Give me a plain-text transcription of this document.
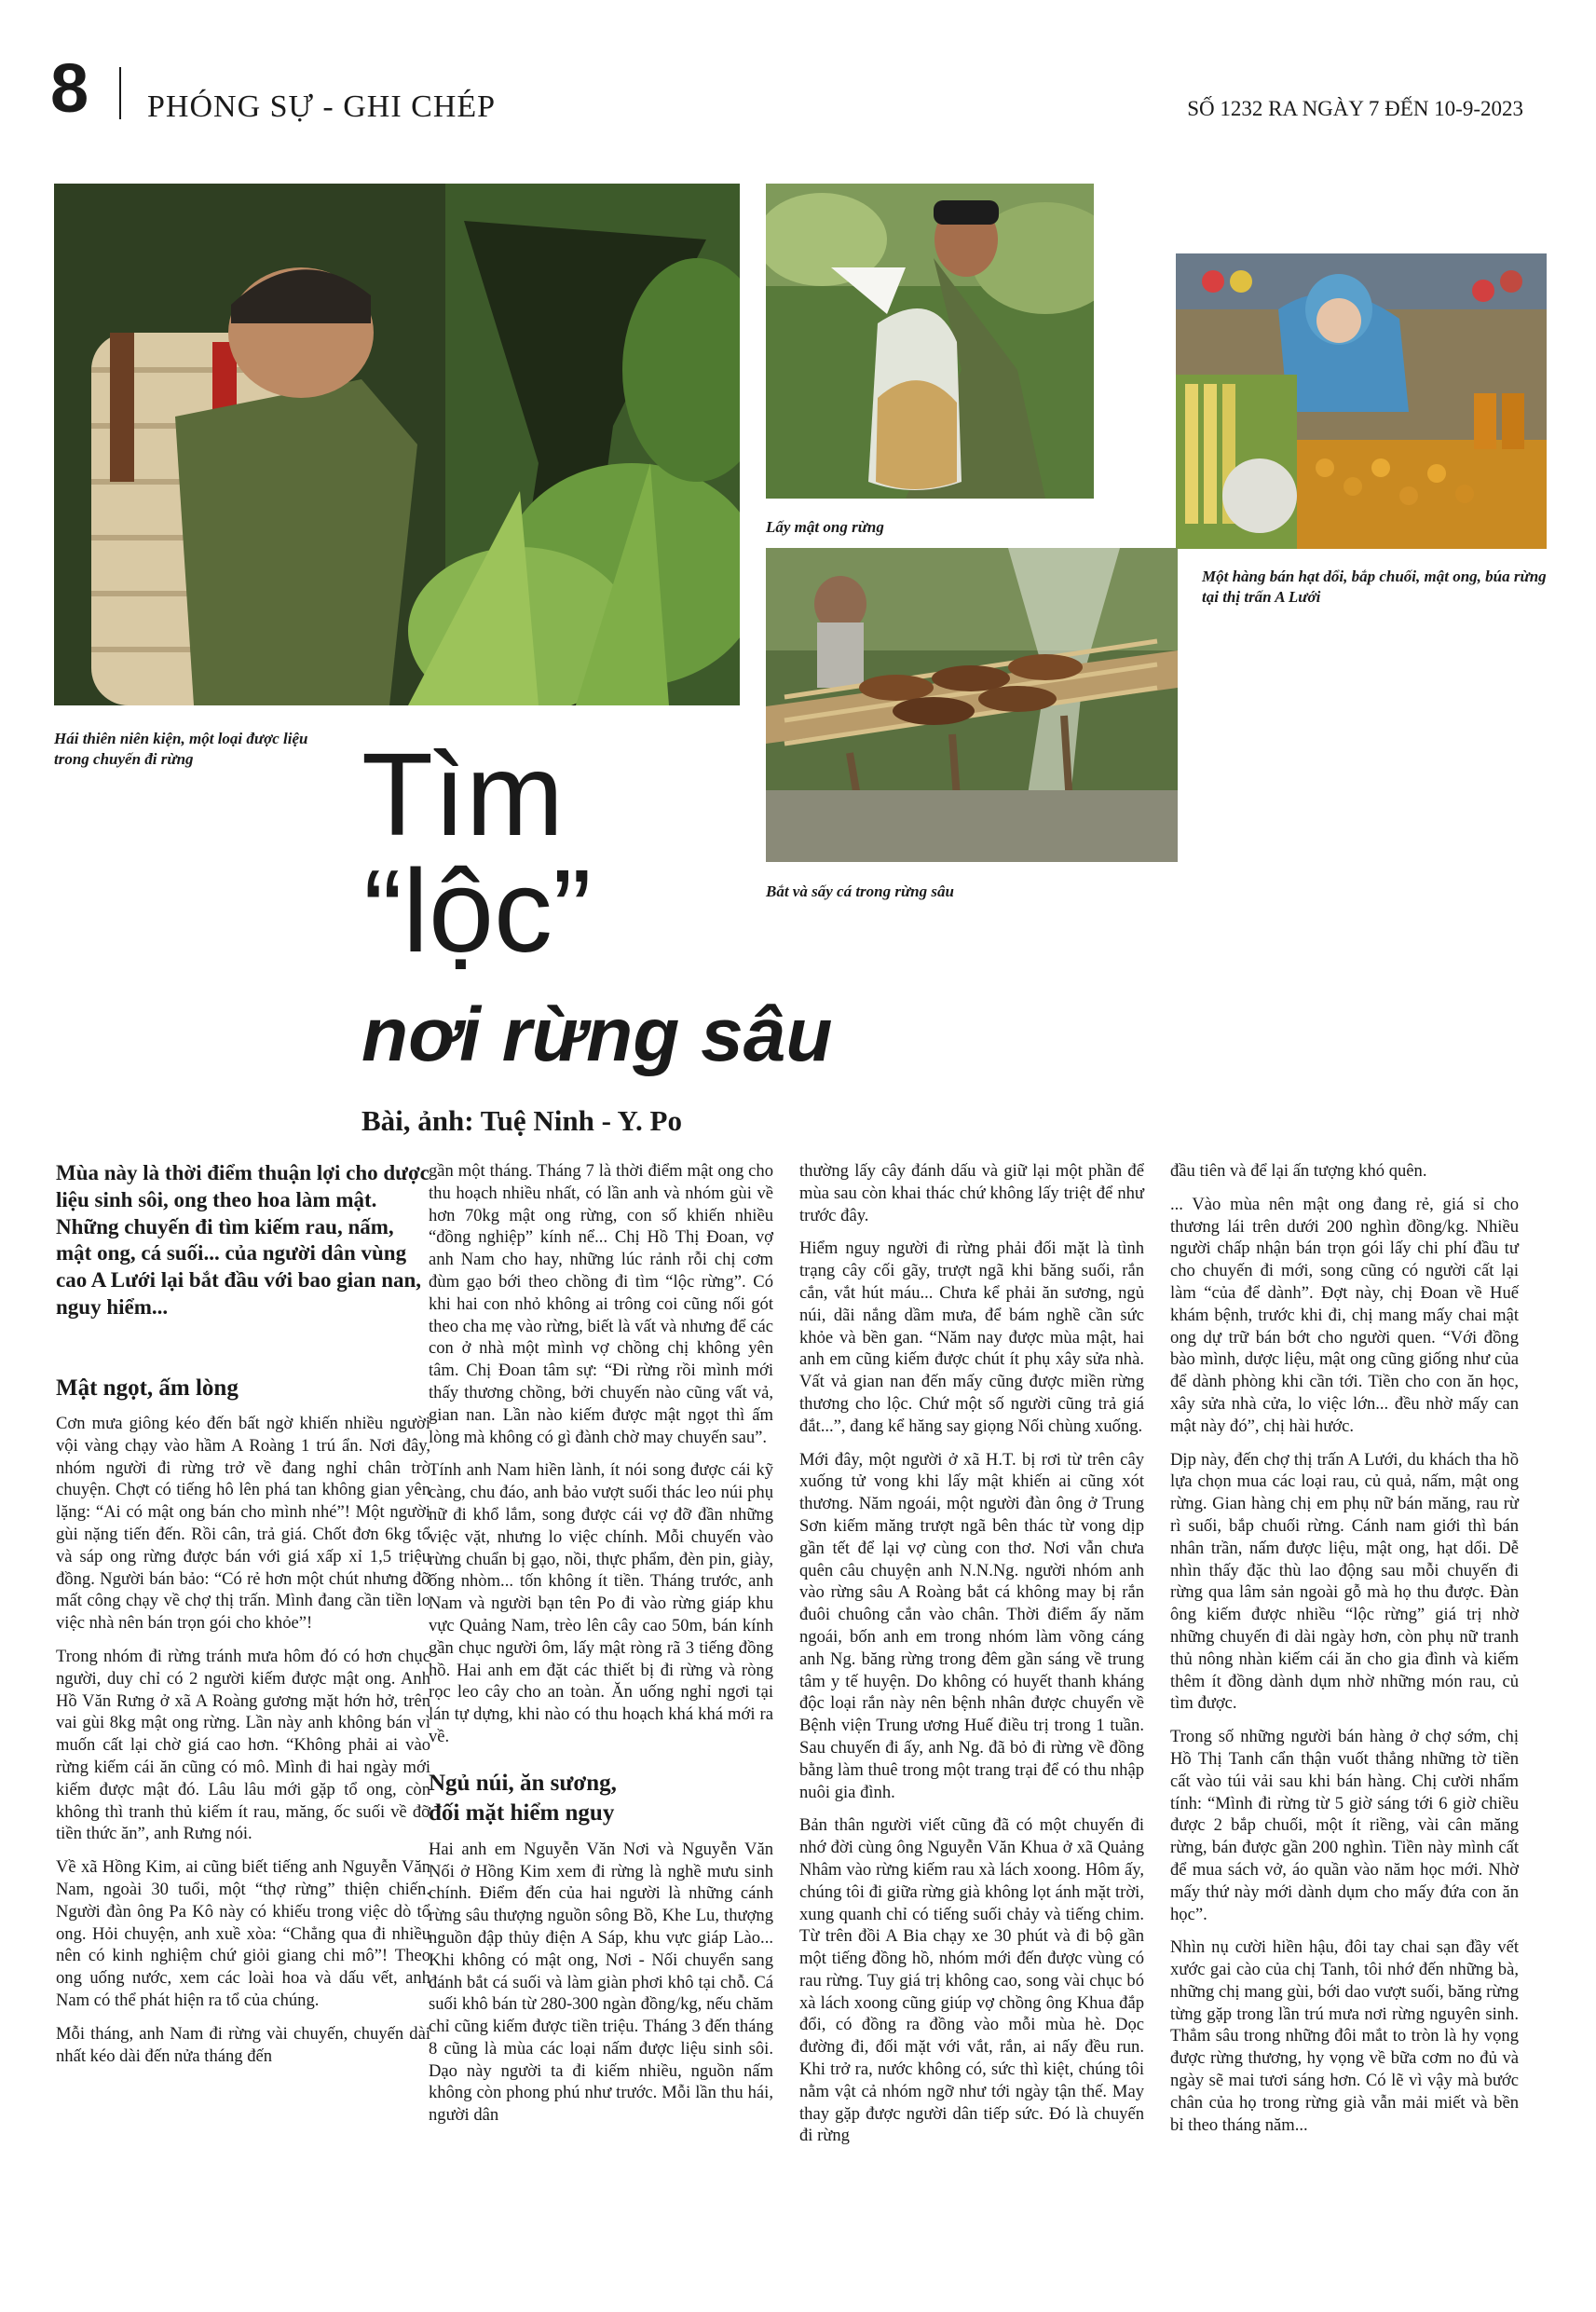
8 PHÓNG SỰ - GHI CHÉP	SỐ 1232 RA NGÀY 7 ĐẾN 10-9-2023
Hái thiên niên kiện, một loại được liệu trong chuyến đi rừng
Lấy mật ong rừng
Một hàng bán hạt dổi, bắp chuối, mật ong, búa rừng tại thị trấn A Lưới
Bắt và sấy cá trong rừng sâu
Tìm
“lộc”
nơi rừng sâu
Bài, ảnh: Tuệ Ninh - Y. Po

Mùa này là thời điểm thuận lợi cho dược liệu sinh sôi, ong theo hoa làm mật. Những chuyến đi tìm kiếm rau, nấm, mật ong, cá suối... của người dân vùng cao A Lưới lại bắt đầu với bao gian nan, nguy hiểm...

Mật ngọt, ấm lòng

Cơn mưa giông kéo đến bất ngờ khiến nhiều người vội vàng chạy vào hầm A Roàng 1 trú ẩn. Nơi đây, nhóm người đi rừng trở về đang nghỉ chân trò chuyện. Chợt có tiếng hô lên phá tan không gian yên lặng: “Ai có mật ong bán cho mình nhé”! Một người gùi nặng tiến đến. Rồi cân, trả giá. Chốt đơn 6kg tổ và sáp ong rừng được bán với giá xấp xỉ 1,5 triệu đồng. Người bán bảo: “Có rẻ hơn một chút nhưng đỡ mất công chạy về chợ thị trấn. Mình đang cần tiền lo việc nhà nên bán trọn gói cho khỏe”!

Trong nhóm đi rừng tránh mưa hôm đó có hơn chục người, duy chỉ có 2 người kiếm được mật ong. Anh Hồ Văn Rưng ở xã A Roàng gương mặt hớn hở, trên vai gùi 8kg mật ong rừng. Lần này anh không bán vì muốn cất lại chờ giá cao hơn. “Không phải ai vào rừng kiếm cái ăn cũng có mô. Mình đi hai ngày mới kiếm được mật đó. Lâu lâu mới gặp tổ ong, còn không thì tranh thủ kiếm ít rau, măng, ốc suối về đỡ tiền thức ăn”, anh Rưng nói.

Về xã Hồng Kim, ai cũng biết tiếng anh Nguyễn Văn Nam, ngoài 30 tuổi, một “thợ rừng” thiện chiến. Người đàn ông Pa Kô này có khiếu trong việc dò tổ ong. Hỏi chuyện, anh xuề xòa: “Chẳng qua đi nhiều nên có kinh nghiệm chứ giỏi giang chi mô”! Theo ong uống nước, xem các loài hoa và dấu vết, anh Nam có thể phát hiện ra tổ của chúng.

Mỗi tháng, anh Nam đi rừng vài chuyến, chuyến dài nhất kéo dài đến nửa tháng đến

gần một tháng. Tháng 7 là thời điểm mật ong cho thu hoạch nhiều nhất, có lần anh và nhóm gùi về hơn 70kg mật ong rừng, con số khiến nhiều “đồng nghiệp” kính nể... Chị Hồ Thị Đoan, vợ anh Nam cho hay, những lúc rảnh rỗi chị cơm đùm gạo bới theo chồng đi tìm “lộc rừng”. Có khi hai con nhỏ không ai trông coi cũng nối gót theo cha mẹ vào rừng, biết là vất và nhưng để các con ở nhà một mình vợ chồng chị không yên tâm. Chị Đoan tâm sự: “Đi rừng rồi mình mới thấy thương chồng, bởi chuyến nào cũng vất vả, gian nan. Lần nào kiếm được mật ngọt thì ấm lòng mà không có gì đành chờ may chuyến sau”.

Tính anh Nam hiền lành, ít nói song được cái kỹ càng, chu đáo, anh bảo vượt suối thác leo núi phụ nữ đi khổ lắm, song được cái vợ đỡ đần những việc vặt, nhưng lo việc chính. Mỗi chuyến vào rừng chuẩn bị gạo, nồi, thực phẩm, đèn pin, giày, ống nhòm... tốn không ít tiền. Tháng trước, anh Nam và người bạn tên Po đi vào rừng giáp khu vực Quảng Nam, trèo lên cây cao 50m, bán kính gần chục người ôm, lấy mật ròng rã 3 tiếng đồng hồ. Hai anh em đặt các thiết bị đi rừng và ròng rọc leo cây cho an toàn. Ăn uống nghỉ ngơi tại lán tự dựng, khi nào có thu hoạch khá khá mới ra về.

Ngủ núi, ăn sương,
đối mặt hiểm nguy

Hai anh em Nguyễn Văn Nơi và Nguyễn Văn Nối ở Hồng Kim xem đi rừng là nghề mưu sinh chính. Điểm đến của hai người là những cánh rừng sâu thượng nguồn sông Bồ, Khe Lu, thượng nguồn đập thủy điện A Sáp, khu vực giáp Lào... Khi không có mật ong, Nơi - Nối chuyển sang đánh bắt cá suối và làm giàn phơi khô tại chỗ. Cá suối khô bán từ 280-300 ngàn đồng/kg, nếu chăm chỉ cũng kiếm được tiền triệu. Tháng 3 đến tháng 8 cũng là mùa các loại nấm được liệu sinh sôi. Dạo này người ta đi kiếm nhiều, nguồn nấm không còn phong phú như trước. Mỗi lần thu hái, người dân

thường lấy cây đánh dấu và giữ lại một phần để mùa sau còn khai thác chứ không lấy triệt để như trước đây.

Hiểm nguy người đi rừng phải đối mặt là tình trạng cây cối gãy, trượt ngã khi băng suối, rắn cắn, vắt hút máu... Chưa kể phải ăn sương, ngủ núi, dãi nắng dầm mưa, để bám nghề cần sức khỏe và bền gan. “Năm nay được mùa mật, hai anh em cũng kiếm được chút ít phụ xây sửa nhà. Vất vả gian nan đến mấy cũng được miền rừng thương cho lộc. Chứ một số người cũng trả giá đắt...”, đang kể hăng say giọng Nối chùng xuống.

Mới đây, một người ở xã H.T. bị rơi từ trên cây xuống tử vong khi lấy mật khiến ai cũng xót thương. Năm ngoái, một người đàn ông ở Trung Sơn kiếm măng trượt ngã bên thác từ vong dịp gần tết để lại vợ cùng con thơ. Nơi vẫn chưa quên câu chuyện anh N.N.Ng. người nhóm anh vào rừng sâu A Roàng bắt cá không may bị rắn đuôi chuông cắn vào chân. Thời điểm ấy năm ngoái, bốn anh em trong nhóm làm võng cáng anh Ng. băng rừng trong đêm gần sáng về trung tâm y tế huyện. Do không có huyết thanh kháng độc loại rắn này nên bệnh nhân được chuyển về Bệnh viện Trung ương Huế điều trị trong 1 tuần. Sau chuyến đi ấy, anh Ng. đã bỏ đi rừng về đồng bằng làm thuê trong một trang trại để có thu nhập nuôi gia đình.

Bản thân người viết cũng đã có một chuyến đi nhớ đời cùng ông Nguyễn Văn Khua ở xã Quảng Nhâm vào rừng kiếm rau xà lách xoong. Hôm ấy, chúng tôi đi giữa rừng già không lọt ánh mặt trời, xung quanh chỉ có tiếng suối chảy và tiếng chim. Từ trên đồi A Bia chạy xe 30 phút và đi bộ gần một tiếng đồng hồ, nhóm mới đến được vùng có rau rừng. Tuy giá trị không cao, song vài chục bó xà lách xoong cũng giúp vợ chồng ông Khua đắp đổi, có đồng ra đồng vào mỗi mùa hè. Dọc đường đi, đối mặt với vắt, rắn, ai nấy đều run. Khi trở ra, nước không có, sức thì kiệt, chúng tôi nằm vật cả nhóm ngỡ như tới ngày tận thế. May thay gặp được người dân tiếp sức. Đó là chuyến đi rừng

đầu tiên và để lại ấn tượng khó quên.

... Vào mùa nên mật ong đang rẻ, giá sỉ cho thương lái trên dưới 200 nghìn đồng/kg. Nhiều người chấp nhận bán trọn gói lấy chi phí đầu tư cho chuyến đi mới, song cũng có người cất lại làm “của để dành”. Đợt này, chị Đoan về Huế khám bệnh, trước khi đi, chị mang mấy chai mật ong dự trữ bán bớt cho người quen. “Với đồng bào mình, dược liệu, mật ong cũng giống như của để dành phòng khi cần tới. Tiền cho con ăn học, xây sửa nhà cửa, lo việc lớn... đều nhờ mấy can mật này đó”, chị hài hước.

Dịp này, đến chợ thị trấn A Lưới, du khách tha hồ lựa chọn mua các loại rau, củ quả, nấm, mật ong rừng. Gian hàng chị em phụ nữ bán măng, rau rừ rì suối, bắp chuối rừng. Cánh nam giới thì bán nhân trần, nấm được liệu, mật ong, hạt dổi. Dễ nhìn thấy đặc thù lao động sau mỗi chuyến đi rừng qua lâm sản ngoài gỗ mà họ thu được. Đàn ông kiếm được nhiều “lộc rừng” giá trị nhờ những chuyến đi dài ngày hơn, còn phụ nữ tranh thủ nông nhàn kiếm cái ăn cho gia đình và kiếm thêm ít đồng dành dụm nhờ những món rau, củ tìm được.

Trong số những người bán hàng ở chợ sớm, chị Hồ Thị Tanh cẩn thận vuốt thẳng những tờ tiền cất vào túi vải sau khi bán hàng. Chị cười nhẩm tính: “Mình đi rừng từ 5 giờ sáng tới 6 giờ chiều được 2 bắp chuối, một ít riềng, vài cân măng rừng, bán được gần 200 nghìn. Tiền này mình cất để mua sách vở, áo quần vào năm học mới. Nhờ mấy thứ này mới dành dụm cho mấy đứa con ăn học”.

Nhìn nụ cười hiền hậu, đôi tay chai sạn đầy vết xước gai cào của chị Tanh, tôi nhớ đến những bà, những chị mang gùi, bới dao vượt suối, băng rừng từng gặp trong lần trú mưa nơi rừng nguyên sinh. Thẳm sâu trong những đôi mắt to tròn là hy vọng được rừng thương, hy vọng về bữa cơm no đủ và ngày sẽ mai tươi sáng hơn. Có lẽ vì vậy mà bước chân của họ trong rừng già vẫn mải miết và bền bỉ theo tháng năm...
